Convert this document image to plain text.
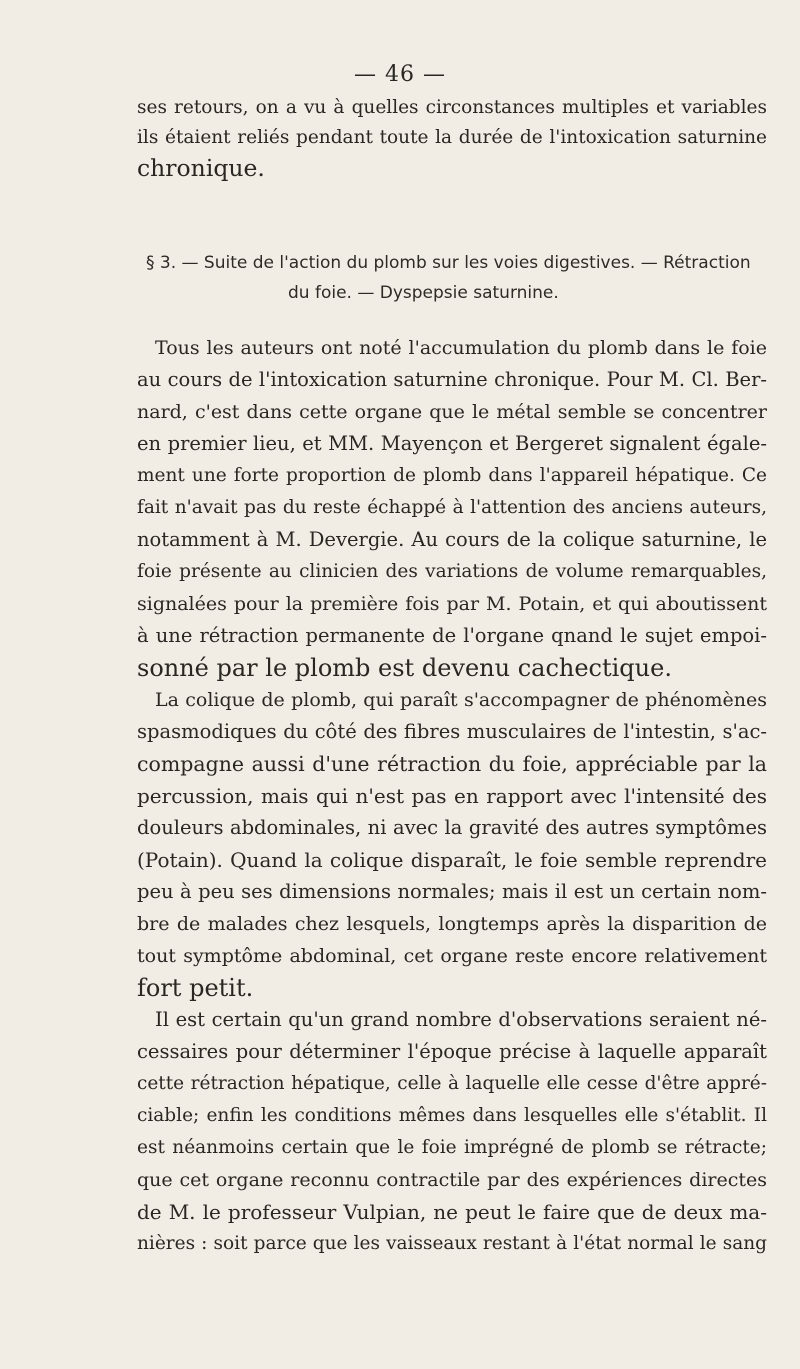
— 46 —
ses retours, on a vu à quelles circonstances multiples et variables
ils étaient reliés pendant toute la durée de l'intoxication saturnine
chronique.
§ 3. — Suite de l'action du plomb sur les voies digestives. — Rétraction
du foie. — Dyspepsie saturnine.
Tous les auteurs ont noté l'accumulation du plomb dans le foie
au cours de l'intoxication saturnine chronique. Pour M. Cl. Ber-
nard, c'est dans cette organe que le métal semble se concentrer
en premier lieu, et MM. Mayençon et Bergeret signalent égale-
ment une forte proportion de plomb dans l'appareil hépatique. Ce
fait n'avait pas du reste échappé à l'attention des anciens auteurs,
notamment à M. Devergie. Au cours de la colique saturnine, le
foie présente au clinicien des variations de volume remarquables,
signalées pour la première fois par M. Potain, et qui aboutissent
à une rétraction permanente de l'organe qnand le sujet empoi-
sonné par le plomb est devenu cachectique.
La colique de plomb, qui paraît s'accompagner de phénomènes
spasmodiques du côté des fibres musculaires de l'intestin, s'ac-
compagne aussi d'une rétraction du foie, appréciable par la
percussion, mais qui n'est pas en rapport avec l'intensité des
douleurs abdominales, ni avec la gravité des autres symptômes
(Potain). Quand la colique disparaît, le foie semble reprendre
peu à peu ses dimensions normales; mais il est un certain nom-
bre de malades chez lesquels, longtemps après la disparition de
tout symptôme abdominal, cet organe reste encore relativement
fort petit.
Il est certain qu'un grand nombre d'observations seraient né-
cessaires pour déterminer l'époque précise à laquelle apparaît
cette rétraction hépatique, celle à laquelle elle cesse d'être appré-
ciable; enfin les conditions mêmes dans lesquelles elle s'établit. Il
est néanmoins certain que le foie imprégné de plomb se rétracte;
que cet organe reconnu contractile par des expériences directes
de M. le professeur Vulpian, ne peut le faire que de deux ma-
nières : soit parce que les vaisseaux restant à l'état normal le sang
